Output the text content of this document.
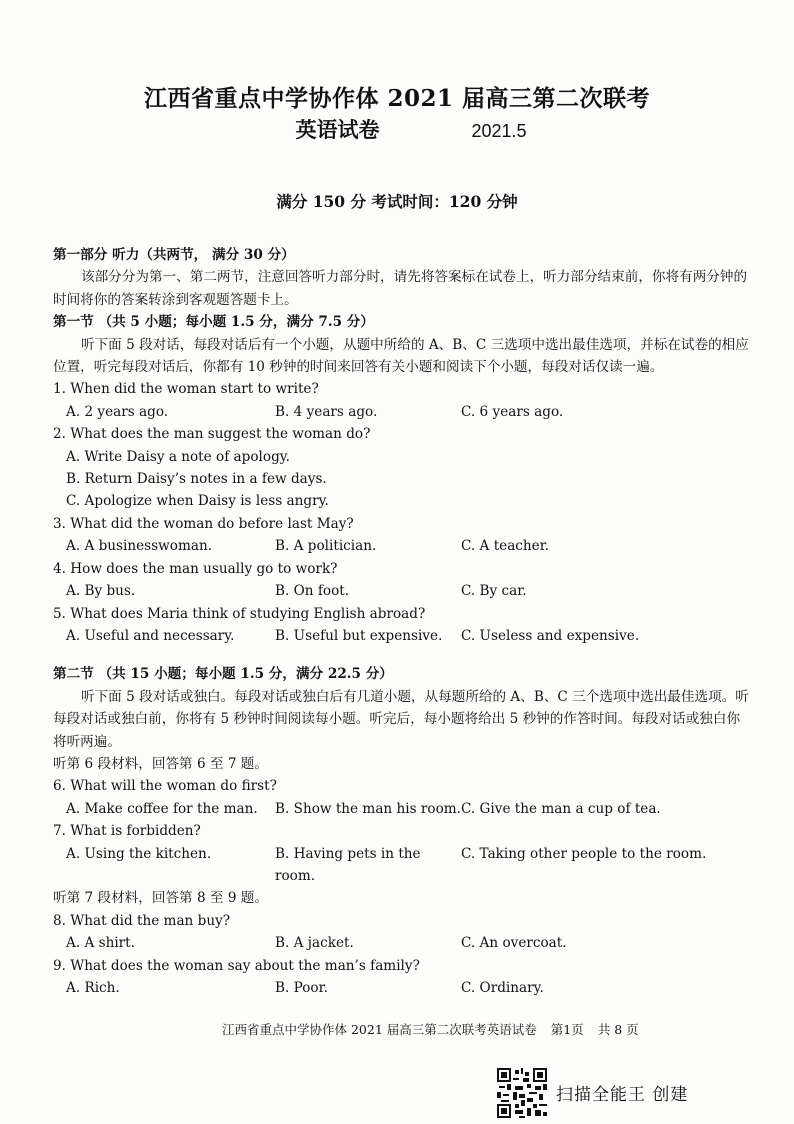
江西省重点中学协作体 2021 届高三第二次联考
英语试卷	2021.5
满分 150 分 考试时间：120 分钟

第一部分 听力（共两节， 满分 30 分）

该部分分为第一、第二两节，注意回答听力部分时，请先将答案标在试卷上，听力部分结束前，你将有两分钟的时间将你的答案转涂到客观题答题卡上。

第一节 （共 5 小题；每小题 1.5 分，满分 7.5 分）

听下面 5 段对话，每段对话后有一个小题，从题中所给的 A、B、C 三选项中选出最佳选项，并标在试卷的相应位置，听完每段对话后，你都有 10 秒钟的时间来回答有关小题和阅读下个小题，每段对话仅读一遍。

1. When did the woman start to write?

A. 2 years ago.	B. 4 years ago.	C. 6 years ago.

2. What does the man suggest the woman do?

A. Write Daisy a note of apology.

B. Return Daisy’s notes in a few days.

C. Apologize when Daisy is less angry.

3. What did the woman do before last May?

A. A businesswoman.	B. A politician.	C. A teacher.

4. How does the man usually go to work?

A. By bus.	B. On foot.	C. By car.

5. What does Maria think of studying English abroad?

A. Useful and necessary.	B. Useful but expensive.	C. Useless and expensive.

第二节 （共 15 小题；每小题 1.5 分，满分 22.5 分）

听下面 5 段对话或独白。每段对话或独白后有几道小题，从每题所给的 A、B、C 三个选项中选出最佳选项。听每段对话或独白前，你将有 5 秒钟时间阅读每小题。听完后，每小题将给出 5 秒钟的作答时间。每段对话或独白你将听两遍。

听第 6 段材料，回答第 6 至 7 题。

6. What will the woman do first?

A. Make coffee for the man.	B. Show the man his room. C. Give the man a cup of tea.

7. What is forbidden?

A. Using the kitchen.	B. Having pets in the room.
C. Taking other people to the room.

听第 7 段材料，回答第 8 至 9 题。

8. What did the man buy?

A. A shirt.	B. A jacket.	C. An overcoat.

9. What does the woman say about the man’s family?

A. Rich.	B. Poor.	C. Ordinary.
江西省重点中学协作体 2021 届高三第二次联考英语试卷 第1页 共 8 页
扫描全能王 创建
